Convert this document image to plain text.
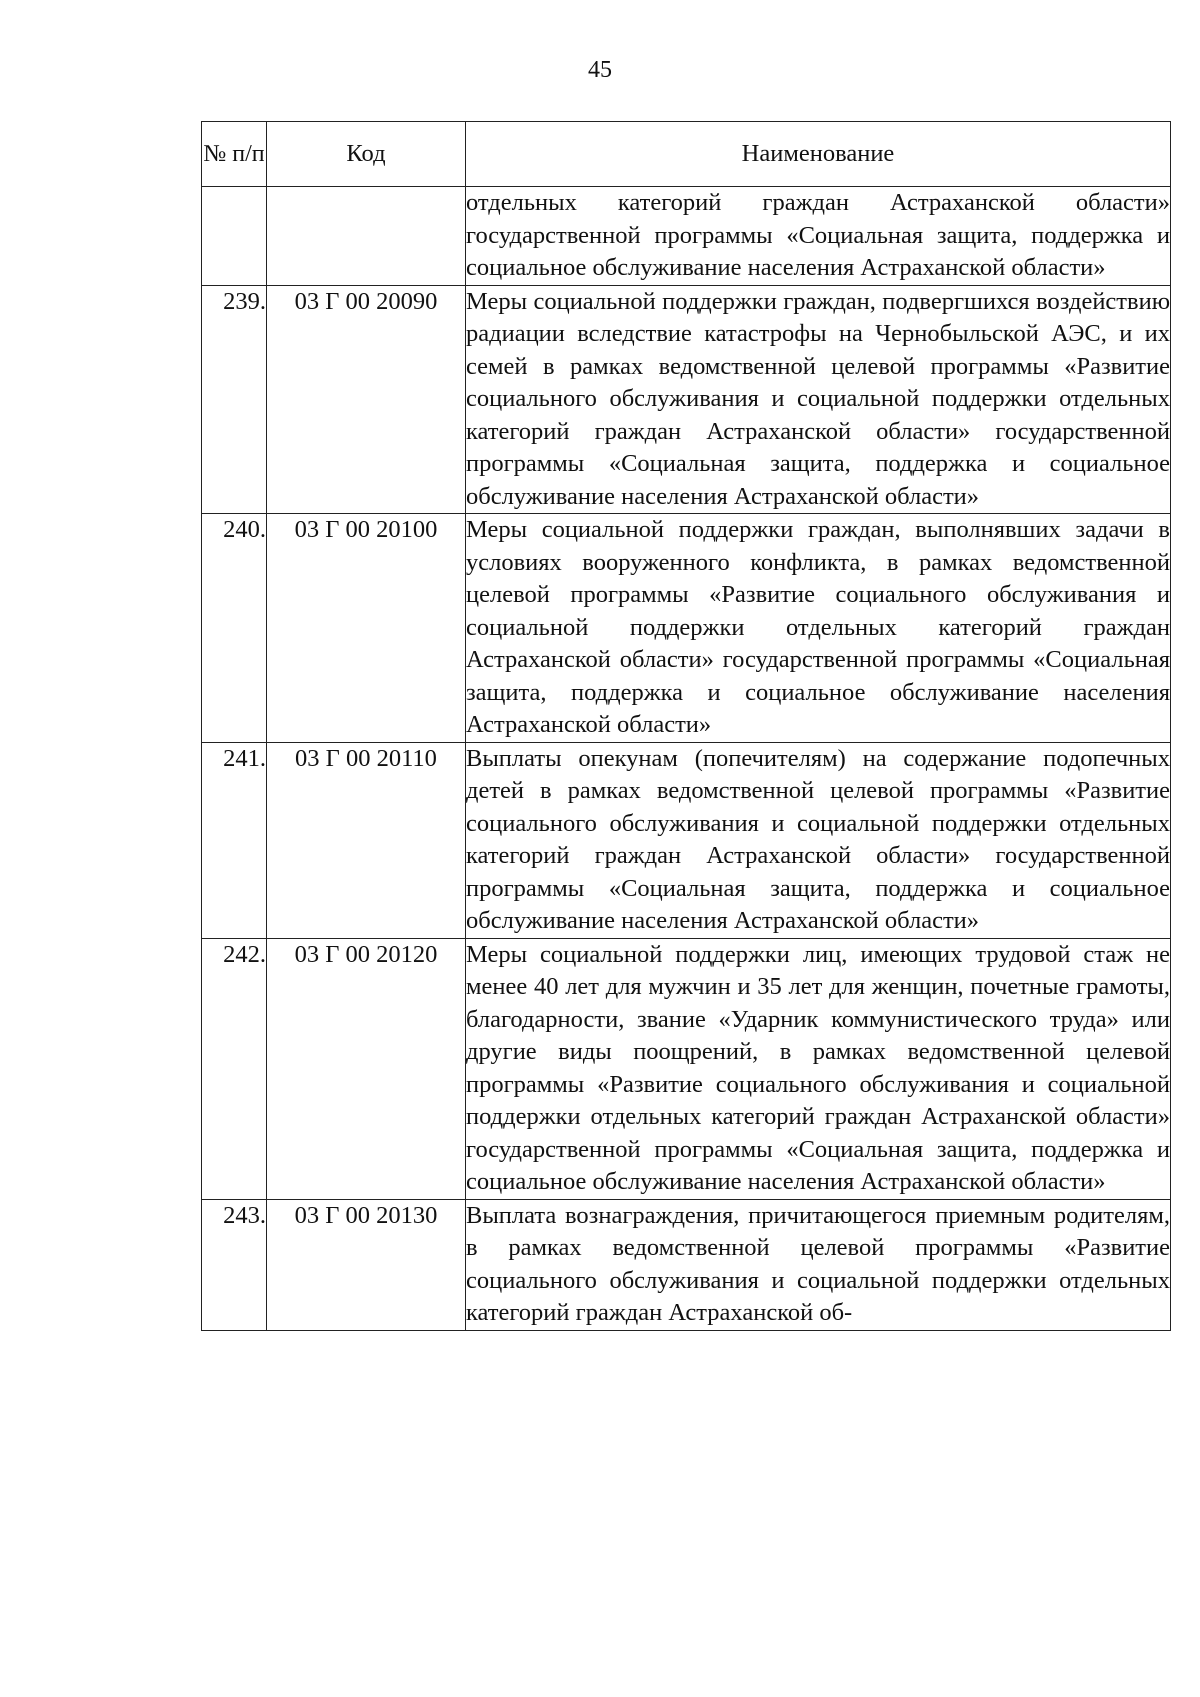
45
№ п/п	Код	Наименование

		отдельных категорий граждан Астраханской области» государственной программы «Социальная защита, поддержка и социальное обслуживание населения Астраханской области»

239.	03 Г 00 20090	Меры социальной поддержки граждан, подвергшихся воздействию радиации вследствие катастрофы на Чернобыльской АЭС, и их семей в рамках ведомственной целевой программы «Развитие социального обслуживания и социальной поддержки отдельных категорий граждан Астраханской области» государственной программы «Социальная защита, поддержка и социальное обслуживание населения Астраханской области»

240.	03 Г 00 20100	Меры социальной поддержки граждан, выполнявших задачи в условиях вооруженного конфликта, в рамках ведомственной целевой программы «Развитие социального обслуживания и социальной поддержки отдельных категорий граждан Астраханской области» государственной программы «Социальная защита, поддержка и социальное обслуживание населения Астраханской области»

241.	03 Г 00 20110	Выплаты опекунам (попечителям) на содержание подопечных детей в рамках ведомственной целевой программы «Развитие социального обслуживания и социальной поддержки отдельных категорий граждан Астраханской области» государственной программы «Социальная защита, поддержка и социальное обслуживание населения Астраханской области»

242.	03 Г 00 20120	Меры социальной поддержки лиц, имеющих трудовой стаж не менее 40 лет для мужчин и 35 лет для женщин, почетные грамоты, благодарности, звание «Ударник коммунистического труда» или другие виды поощрений, в рамках ведомственной целевой программы «Развитие социального обслуживания и социальной поддержки отдельных категорий граждан Астраханской области» государственной программы «Социальная защита, поддержка и социальное обслуживание населения Астраханской области»

243.	03 Г 00 20130	Выплата вознаграждения, причитающегося приемным родителям, в рамках ведомственной целевой программы «Развитие социального обслуживания и социальной поддержки отдельных категорий граждан Астраханской об-
